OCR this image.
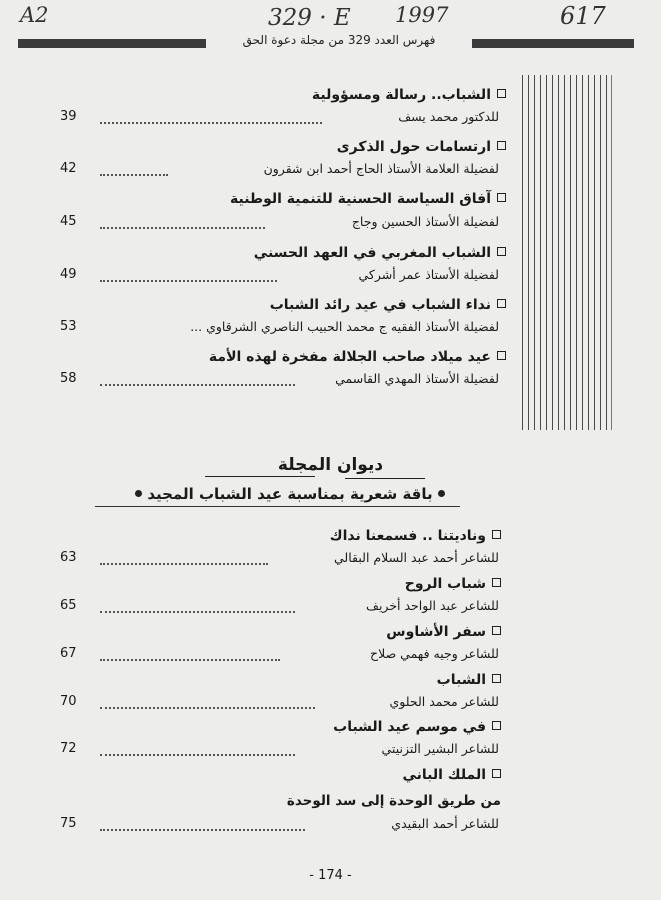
A2	329 · E 1997	617
فهرس العدد 329 من مجلة دعوة الحق
الشباب.. رسالة ومسؤولية
للدكتور محمد يسف
39
ارتسامات حول الذكرى
لفضيلة العلامة الأستاذ الحاج أحمد ابن شقرون
42
آفاق السياسة الحسنية للتنمية الوطنية
لفضيلة الأستاذ الحسين وجاج
45
الشباب المغربي في العهد الحسني
لفضيلة الأستاذ عمر أشركي
49
نداء الشباب في عيد رائد الشباب
لفضيلة الأستاذ الفقيه ج محمد الحبيب الناصري الشرقاوي ...
53
عيد ميلاد صاحب الجلالة مفخرة لهذه الأمة
لفضيلة الأستاذ المهدي القاسمي
58
ديوان المجلة
باقة شعرية بمناسبة عيد الشباب المجيد
وناديتنا .. فسمعنا نداك
للشاعر أحمد عبد السلام البقالي
63
شباب الروح
للشاعر عبد الواحد أخريف
65
سفر الأشاوس
للشاعر وجيه فهمي صلاح
67
الشباب
للشاعر محمد الحلوي
70
في موسم عيد الشباب
للشاعر البشير التزنيتي
72
الملك الباني
من طريق الوحدة إلى سد الوحدة
للشاعر أحمد البقيدي
75
- 174 -
